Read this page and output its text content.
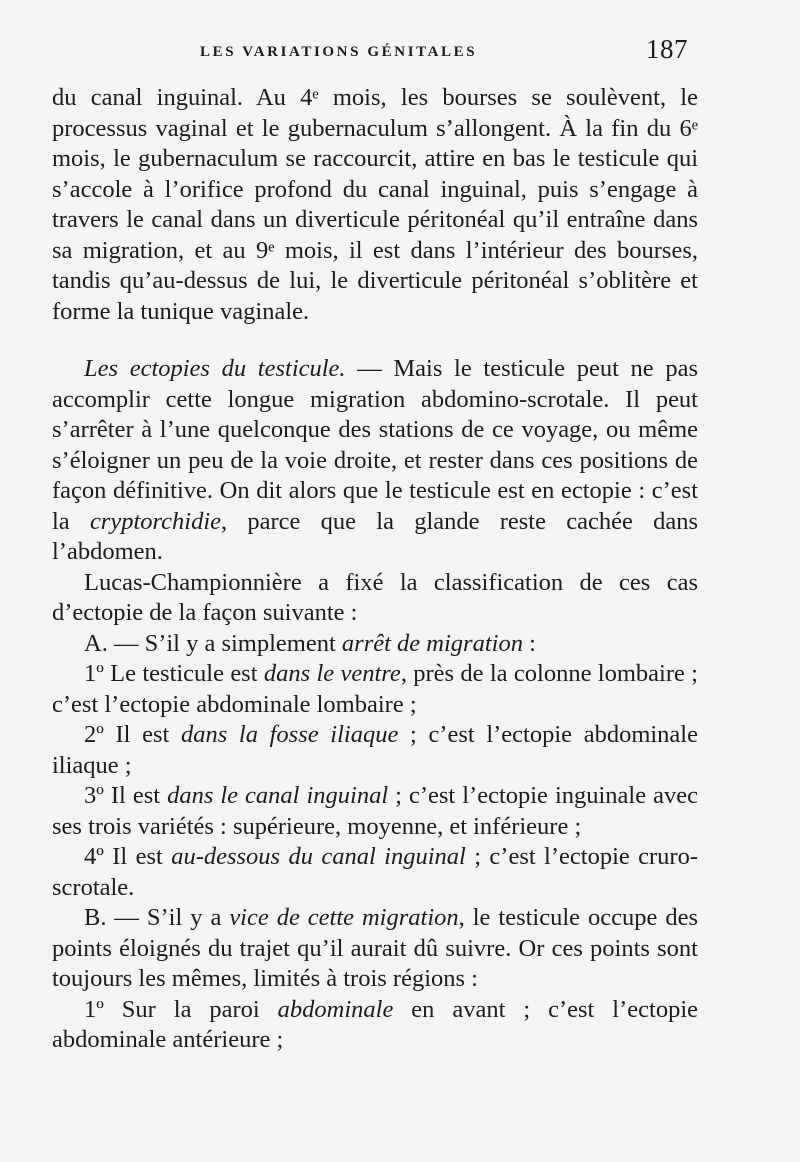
LES VARIATIONS GÉNITALES	187

du canal inguinal. Au 4ᵉ mois, les bourses se soulèvent, le processus vaginal et le gubernaculum s’allongent. À la fin du 6ᵉ mois, le gubernaculum se raccourcit, attire en bas le testicule qui s’accole à l’orifice profond du canal inguinal, puis s’engage à travers le canal dans un diverticule péritonéal qu’il entraîne dans sa migration, et au 9ᵉ mois, il est dans l’intérieur des bourses, tandis qu’au-dessus de lui, le diverticule péritonéal s’oblitère et forme la tunique vaginale.

Les ectopies du testicule. — Mais le testicule peut ne pas accomplir cette longue migration abdomino-scrotale. Il peut s’arrêter à l’une quelconque des stations de ce voyage, ou même s’éloigner un peu de la voie droite, et rester dans ces positions de façon définitive. On dit alors que le testicule est en ectopie : c’est la cryptorchidie, parce que la glande reste cachée dans l’abdomen.

Lucas-Championnière a fixé la classification de ces cas d’ectopie de la façon suivante :

A. — S’il y a simplement arrêt de migration :

1º Le testicule est dans le ventre, près de la colonne lombaire ; c’est l’ectopie abdominale lombaire ;

2º Il est dans la fosse iliaque ; c’est l’ectopie abdominale iliaque ;

3º Il est dans le canal inguinal ; c’est l’ectopie inguinale avec ses trois variétés : supérieure, moyenne, et inférieure ;

4º Il est au-dessous du canal inguinal ; c’est l’ectopie cruro-scrotale.

B. — S’il y a vice de cette migration, le testicule occupe des points éloignés du trajet qu’il aurait dû suivre. Or ces points sont toujours les mêmes, limités à trois régions :

1º Sur la paroi abdominale en avant ; c’est l’ectopie abdominale antérieure ;
